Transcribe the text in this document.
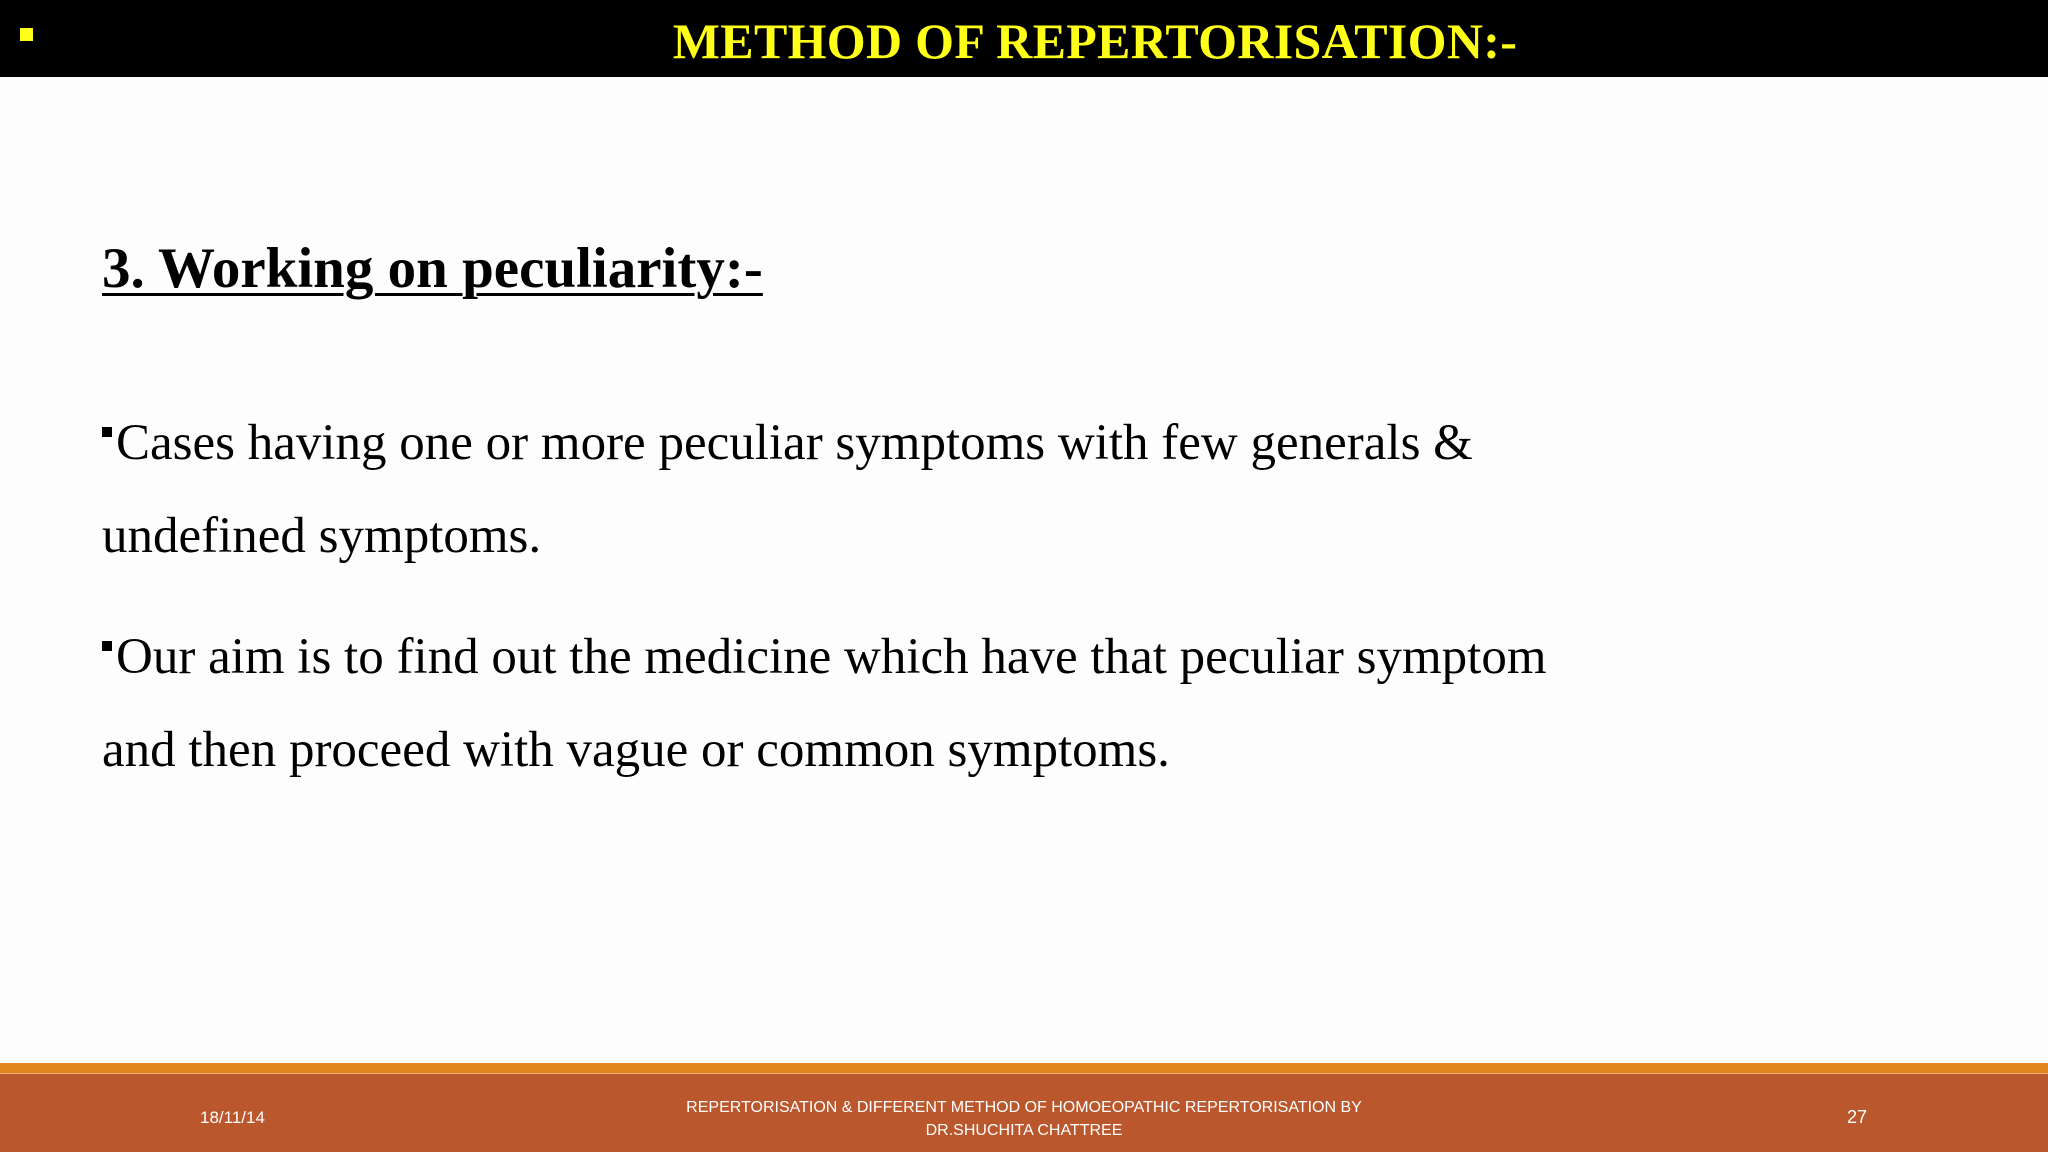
METHOD OF REPERTORISATION:-
3. Working on peculiarity:-
Cases having one or more peculiar symptoms with few generals &
undefined symptoms.
Our aim is to find out the medicine which have that peculiar symptom
and then proceed with vague or common symptoms.
18/11/14
REPERTORISATION & DIFFERENT METHOD OF HOMOEOPATHIC REPERTORISATION BY
DR.SHUCHITA CHATTREE
27
